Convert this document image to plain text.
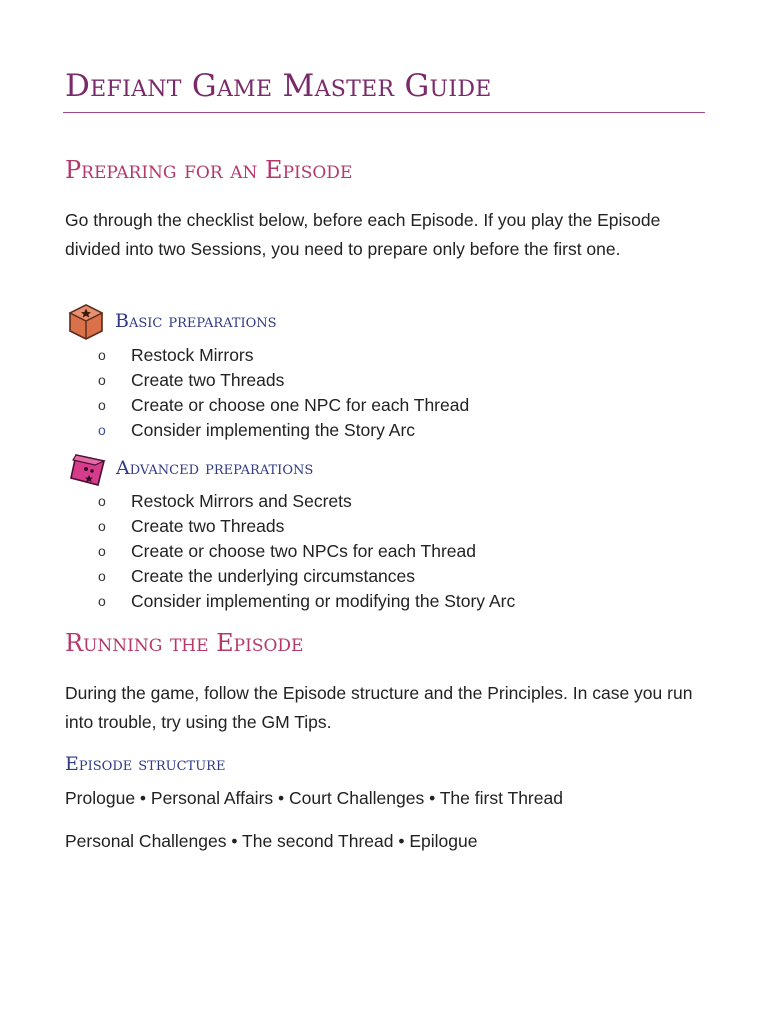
Defiant Game Master Guide
Preparing for an Episode

Go through the checklist below, before each Episode. If you play the Episode divided into two Sessions, you need to prepare only before the first one.

Basic preparations
o Restock Mirrors
o Create two Threads
o Create or choose one NPC for each Thread
o Consider implementing the Story Arc
Advanced preparations
o Restock Mirrors and Secrets
o Create two Threads
o Create or choose two NPCs for each Thread
o Create the underlying circumstances
o Consider implementing or modifying the Story Arc
Running the Episode

During the game, follow the Episode structure and the Principles. In case you run into trouble, try using the GM Tips.

Episode structure

Prologue • Personal Affairs • Court Challenges • The first Thread

Personal Challenges • The second Thread • Epilogue
